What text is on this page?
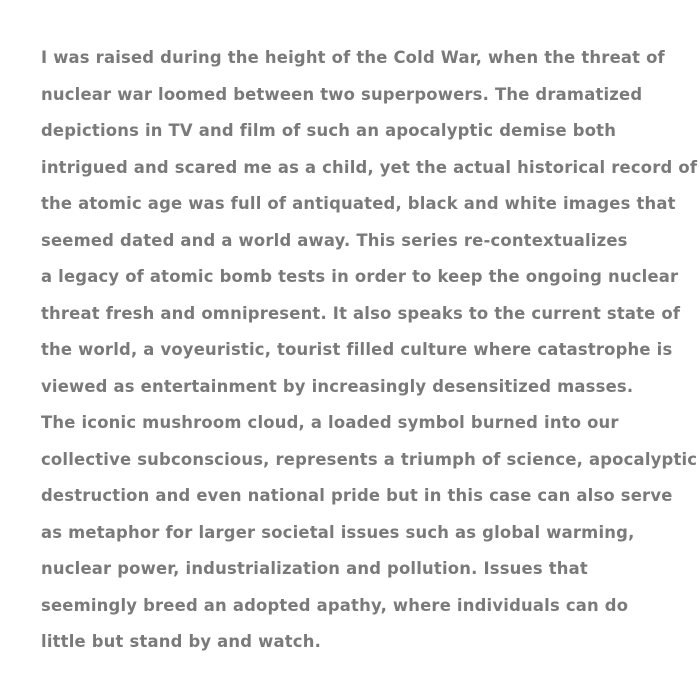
I was raised during the height of the Cold War, when the threat of
nuclear war loomed between two superpowers. The dramatized
depictions in TV and film of such an apocalyptic demise both
intrigued and scared me as a child, yet the actual historical record of
the atomic age was full of antiquated, black and white images that
seemed dated and a world away. This series re-contextualizes
a legacy of atomic bomb tests in order to keep the ongoing nuclear
threat fresh and omnipresent. It also speaks to the current state of
the world, a voyeuristic, tourist filled culture where catastrophe is
viewed as entertainment by increasingly desensitized masses.
The iconic mushroom cloud, a loaded symbol burned into our
collective subconscious, represents a triumph of science, apocalyptic
destruction and even national pride but in this case can also serve
as metaphor for larger societal issues such as global warming,
nuclear power, industrialization and pollution. Issues that
seemingly breed an adopted apathy, where individuals can do
little but stand by and watch.
